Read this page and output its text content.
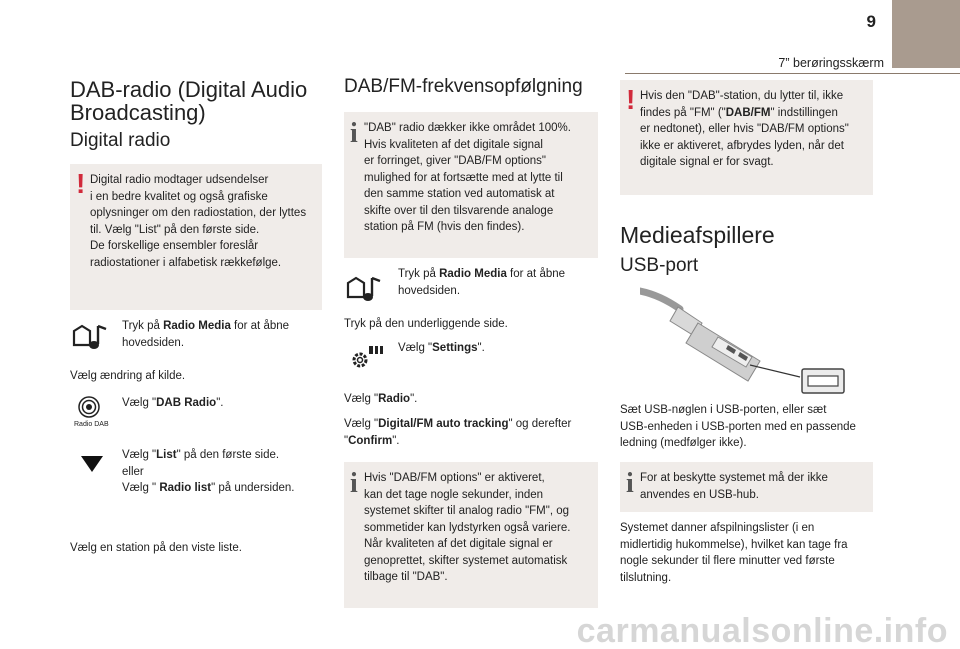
9
7” berøringsskærm
DAB-radio (Digital Audio
Broadcasting)
Digital radio
! Digital radio modtager udsendelser
i en bedre kvalitet og også grafiske
oplysninger om den radiostation, der lyttes
til. Vælg "List" på den første side.
De forskellige ensembler foreslår
radiostationer i alfabetisk rækkefølge.
Tryk på Radio Media for at åbne
hovedsiden.
Vælg ændring af kilde.
Radio DAB
Vælg "DAB Radio".
Vælg "List" på den første side.
eller
Vælg " Radio list" på undersiden.
Vælg en station på den viste liste.
DAB/FM-frekvensopfølgning
i "DAB" radio dækker ikke området 100%.
Hvis kvaliteten af det digitale signal
er forringet, giver "DAB/FM options"
mulighed for at fortsætte med at lytte til
den samme station ved automatisk at
skifte over til den tilsvarende analoge
station på FM (hvis den findes).
Tryk på Radio Media for at åbne
hovedsiden.
Tryk på den underliggende side.
Vælg "Settings".
Vælg "Radio".
Vælg "Digital/FM auto tracking" og derefter
"Confirm".
i Hvis "DAB/FM options" er aktiveret,
kan det tage nogle sekunder, inden
systemet skifter til analog radio "FM", og
sommetider kan lydstyrken også variere.
Når kvaliteten af det digitale signal er
genoprettet, skifter systemet automatisk
tilbage til "DAB".
! Hvis den "DAB"-station, du lytter til, ikke
findes på "FM" ("DAB/FM" indstillingen
er nedtonet), eller hvis "DAB/FM options"
ikke er aktiveret, afbrydes lyden, når det
digitale signal er for svagt.
Medieafspillere
USB-port
Sæt USB-nøglen i USB-porten, eller sæt
USB-enheden i USB-porten med en passende
ledning (medfølger ikke).
i For at beskytte systemet må der ikke
anvendes en USB-hub.
Systemet danner afspilningslister (i en
midlertidig hukommelse), hvilket kan tage fra
nogle sekunder til flere minutter ved første
tilslutning.
carmanualsonline.info
